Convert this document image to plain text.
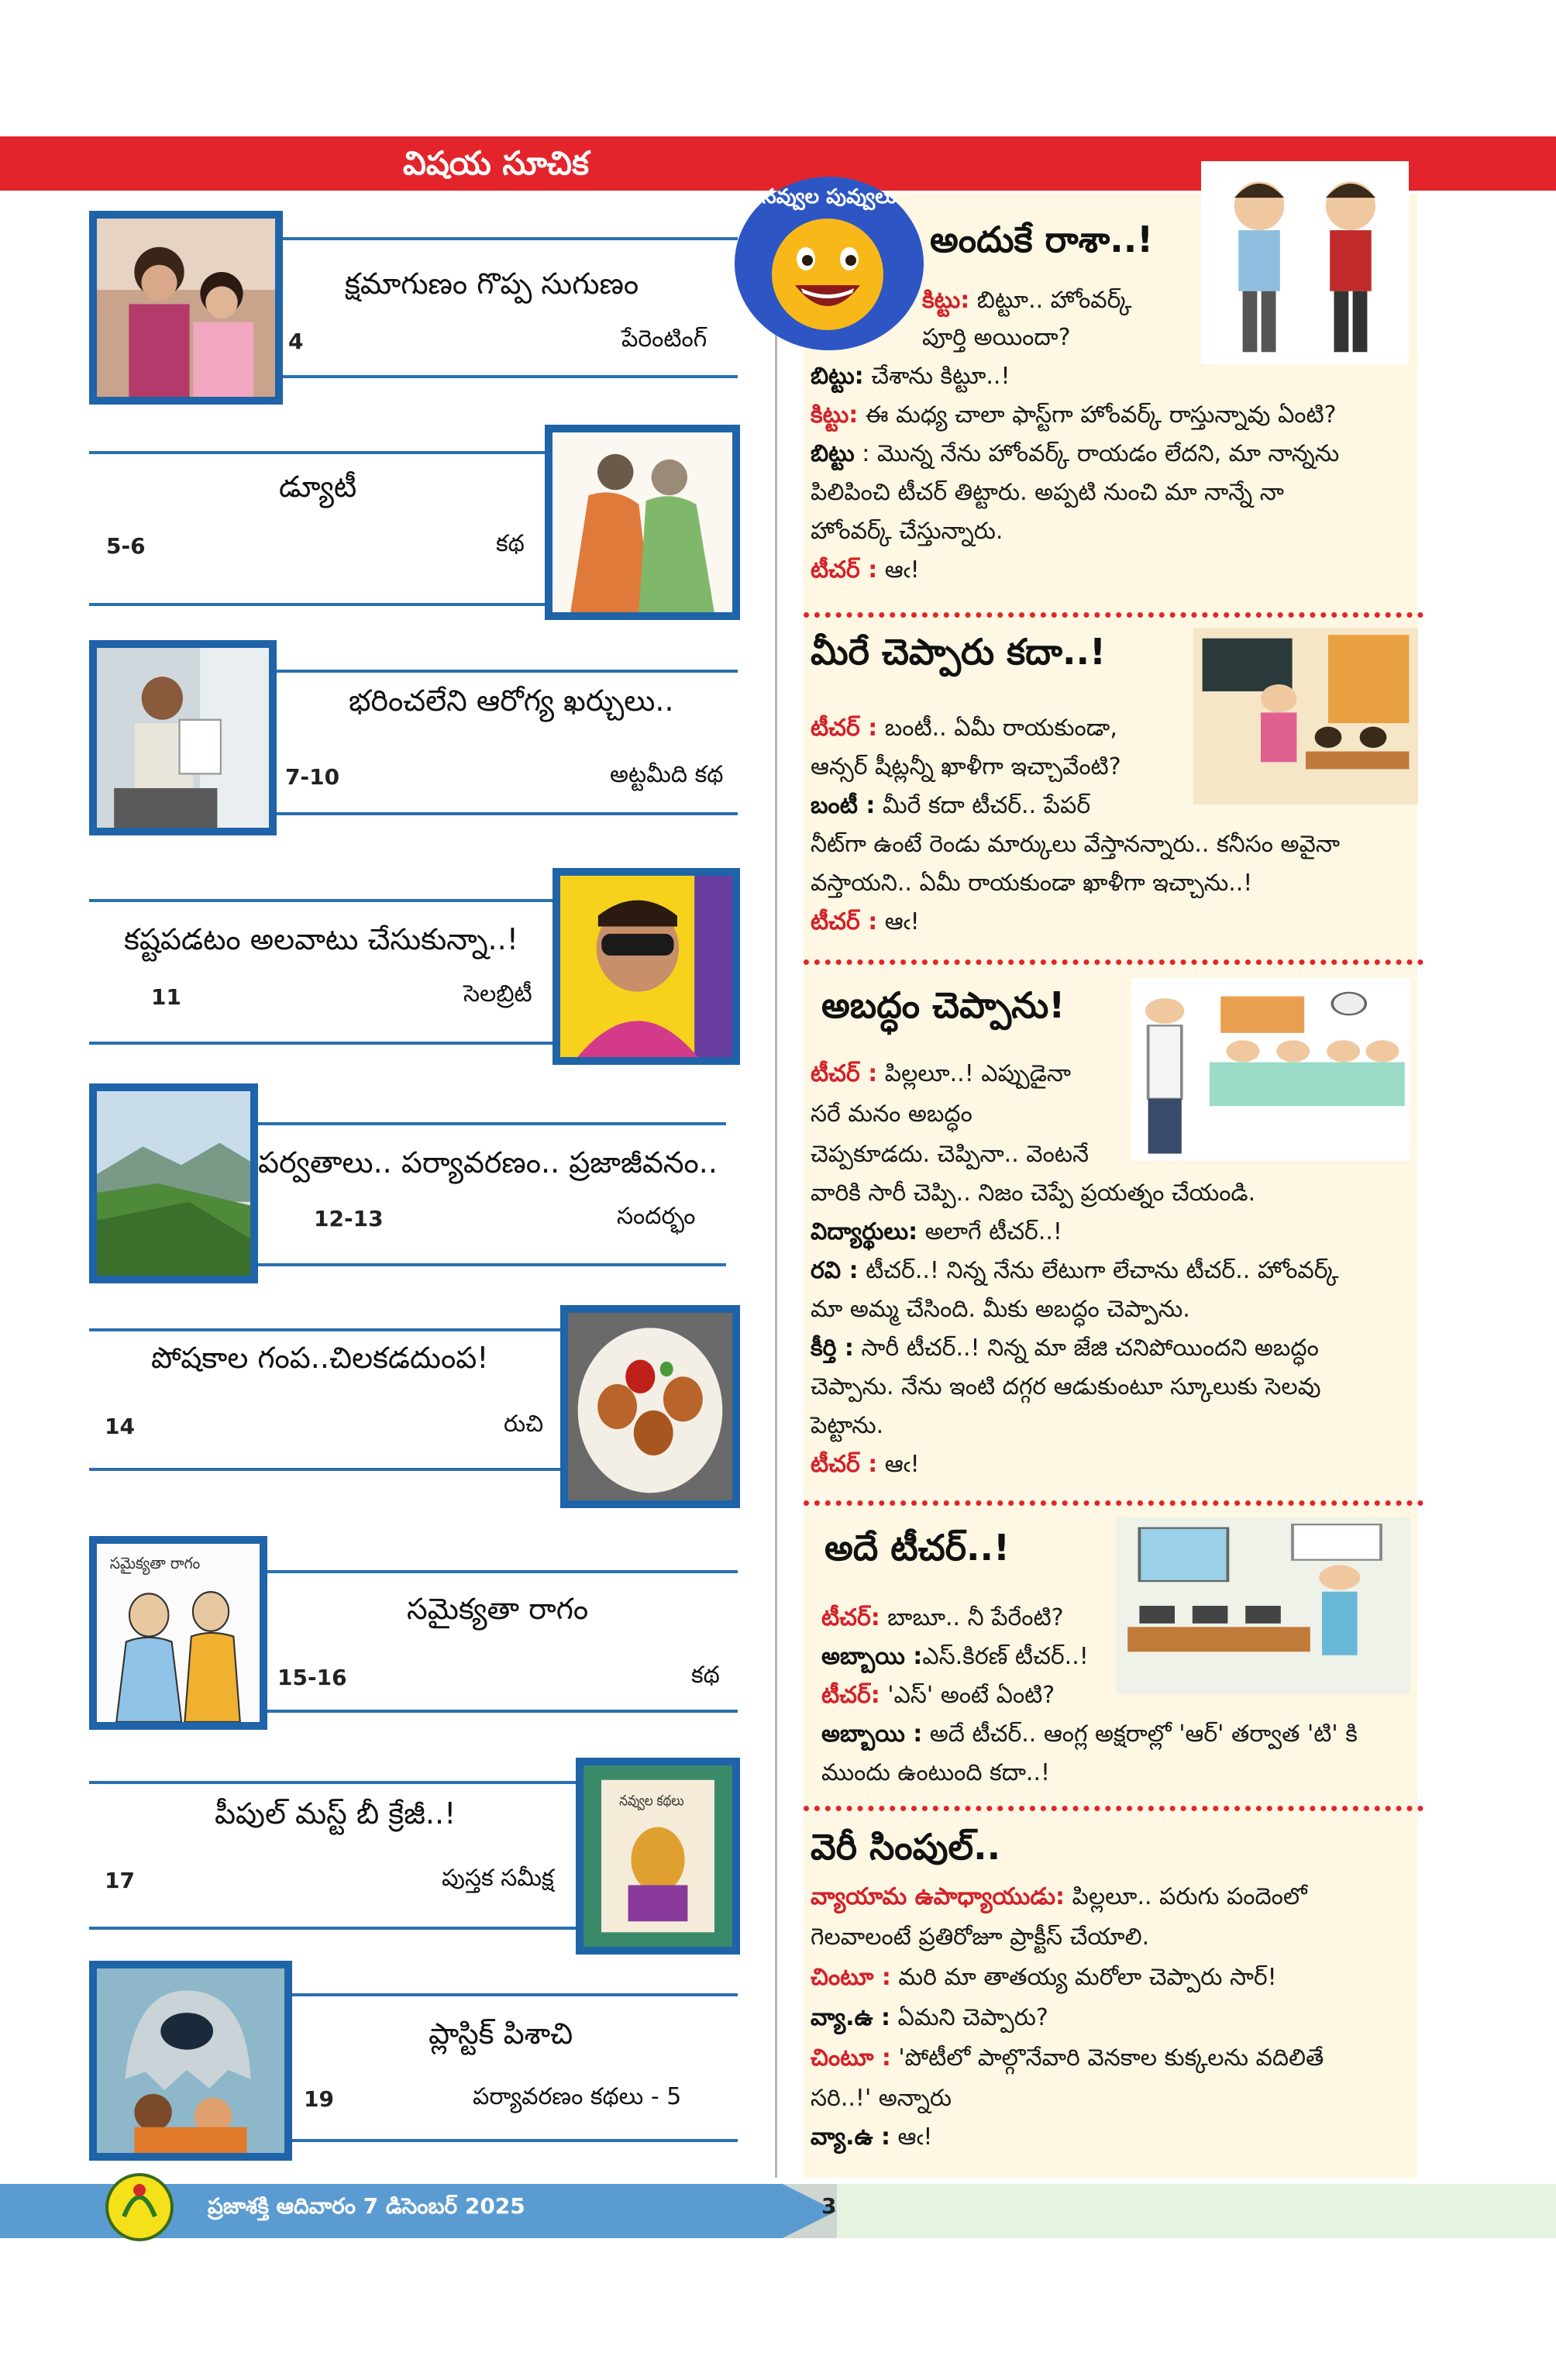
విషయ సూచిక
క్షమాగుణం గొప్ప సుగుణం
4	పేరెంటింగ్
డ్యూటీ
5-6	కథ
భరించలేని ఆరోగ్య ఖర్చులు..
7-10	అట్టమీది కథ
కష్టపడటం అలవాటు చేసుకున్నా..!
11	సెలబ్రిటీ
పర్వతాలు.. పర్యావరణం.. ప్రజాజీవనం..
12-13	సందర్భం
పోషకాల గంప..చిలకడదుంప!
14	రుచి
సమైక్యతా రాగం
సమైక్యతా రాగం
15-16	కథ
నవ్వుల కథలు
పీపుల్ మస్ట్ బీ క్రేజీ..!
17	పుస్తక సమీక్ష
ప్లాస్టిక్ పిశాచి
19	పర్యావరణం కథలు - 5
నవ్వుల పువ్వులు
అందుకే రాశా..!
కిట్టు: బిట్టూ.. హోంవర్క్
పూర్తి అయిందా?
బిట్టు: చేశాను కిట్టూ..!
కిట్టు: ఈ మధ్య చాలా ఫాస్ట్‌గా హోంవర్క్ రాస్తున్నావు ఏంటి?
బిట్టు : మొన్న నేను హోంవర్క్ రాయడం లేదని, మా నాన్నను
పిలిపించి టీచర్ తిట్టారు. అప్పటి నుంచి మా నాన్నే నా
హోంవర్క్ చేస్తున్నారు.
టీచర్ : ఆఁ!
మీరే చెప్పారు కదా..!
టీచర్ : బంటీ.. ఏమీ రాయకుండా,
ఆన్సర్ షీట్లన్నీ ఖాళీగా ఇచ్చావేంటి?
బంటీ : మీరే కదా టీచర్.. పేపర్
నీట్‌గా ఉంటే రెండు మార్కులు వేస్తానన్నారు.. కనీసం అవైనా
వస్తాయని.. ఏమీ రాయకుండా ఖాళీగా ఇచ్చాను..!
టీచర్ : ఆఁ!
అబద్ధం చెప్పాను!
టీచర్ : పిల్లలూ..! ఎప్పుడైనా
సరే మనం అబద్ధం
చెప్పకూడదు. చెప్పినా.. వెంటనే
వారికి సారీ చెప్పి.. నిజం చెప్పే ప్రయత్నం చేయండి.
విద్యార్థులు: అలాగే టీచర్..!
రవి : టీచర్..! నిన్న నేను లేటుగా లేచాను టీచర్.. హోంవర్క్
మా అమ్మ చేసింది. మీకు అబద్ధం చెప్పాను.
కీర్తి : సారీ టీచర్..! నిన్న మా జేజి చనిపోయిందని అబద్ధం
చెప్పాను. నేను ఇంటి దగ్గర ఆడుకుంటూ స్కూలుకు సెలవు
పెట్టాను.
టీచర్ : ఆఁ!
అదే టీచర్..!
టీచర్: బాబూ.. నీ పేరేంటి?
అబ్బాయి :ఎస్.కిరణ్ టీచర్..!
టీచర్: 'ఎస్' అంటే ఏంటి?
అబ్బాయి : అదే టీచర్.. ఆంగ్ల అక్షరాల్లో 'ఆర్' తర్వాత 'టి' కి
ముందు ఉంటుంది కదా..!
వెరీ సింపుల్..
వ్యాయామ ఉపాధ్యాయుడు: పిల్లలూ.. పరుగు పందెంలో
గెలవాలంటే ప్రతిరోజూ ప్రాక్టీస్ చేయాలి.
చింటూ : మరి మా తాతయ్య మరోలా చెప్పారు సార్!
వ్యా.ఉ : ఏమని చెప్పారు?
చింటూ : 'పోటీలో పాల్గొనేవారి వెనకాల కుక్కలను వదిలితే
సరి..!' అన్నారు
వ్యా.ఉ : ఆఁ!
ప్రజాశక్తి ఆదివారం 7 డిసెంబర్ 2025	3
